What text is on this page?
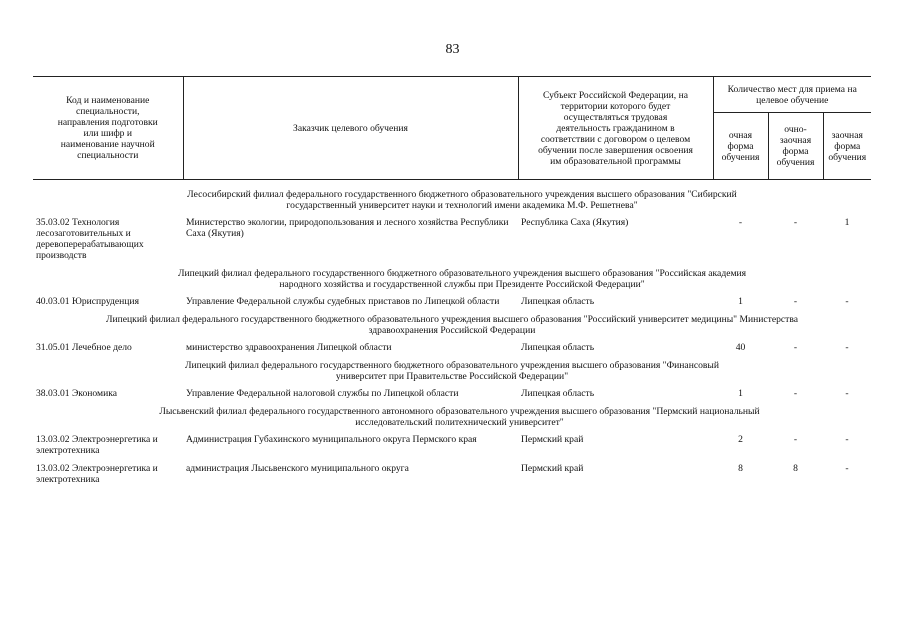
83
Код и наименование специальности, направления подготовки или шифр и наименование научной специальности	Заказчик целевого обучения	Субъект Российской Федерации, на территории которого будет осуществляться трудовая деятельность гражданином в соответствии с договором о целевом обучении после завершения освоения им образовательной программы	Количество мест для приема на целевое обучение		
			очная форма обучения	очно-заочная форма обучения	заочная форма обучения

Лесосибирский филиал федерального государственного бюджетного образовательного учреждения высшего образования "Сибирский государственный университет науки и технологий имени академика М.Ф. Решетнева"					
35.03.02 Технология лесозаготовительных и деревоперерабатывающих производств	Министерство экологии, природопользования и лесного хозяйства Республики Саха (Якутия)	Республика Саха (Якутия)	-	-	1
Липецкий филиал федерального государственного бюджетного образовательного учреждения высшего образования "Российская академия народного хозяйства и государственной службы при Президенте Российской Федерации"					
40.03.01 Юриспруденция	Управление Федеральной службы судебных приставов по Липецкой области	Липецкая область	1	-	-
Липецкий филиал федерального государственного бюджетного образовательного учреждения высшего образования "Российский университет медицины" Министерства здравоохранения Российской Федерации					
31.05.01 Лечебное дело	министерство здравоохранения Липецкой области	Липецкая область	40	-	-
Липецкий филиал федерального государственного бюджетного образовательного учреждения высшего образования "Финансовый университет при Правительстве Российской Федерации"					
38.03.01 Экономика	Управление Федеральной налоговой службы по Липецкой области	Липецкая область	1	-	-
Лысьвенский филиал федерального государственного автономного образовательного учреждения высшего образования "Пермский национальный исследовательский политехнический университет"					
13.03.02 Электроэнергетика и электротехника	Администрация Губахинского муниципального округа Пермского края	Пермский край	2	-	-
13.03.02 Электроэнергетика и электротехника	администрация Лысьвенского муниципального округа	Пермский край	8	8	-
